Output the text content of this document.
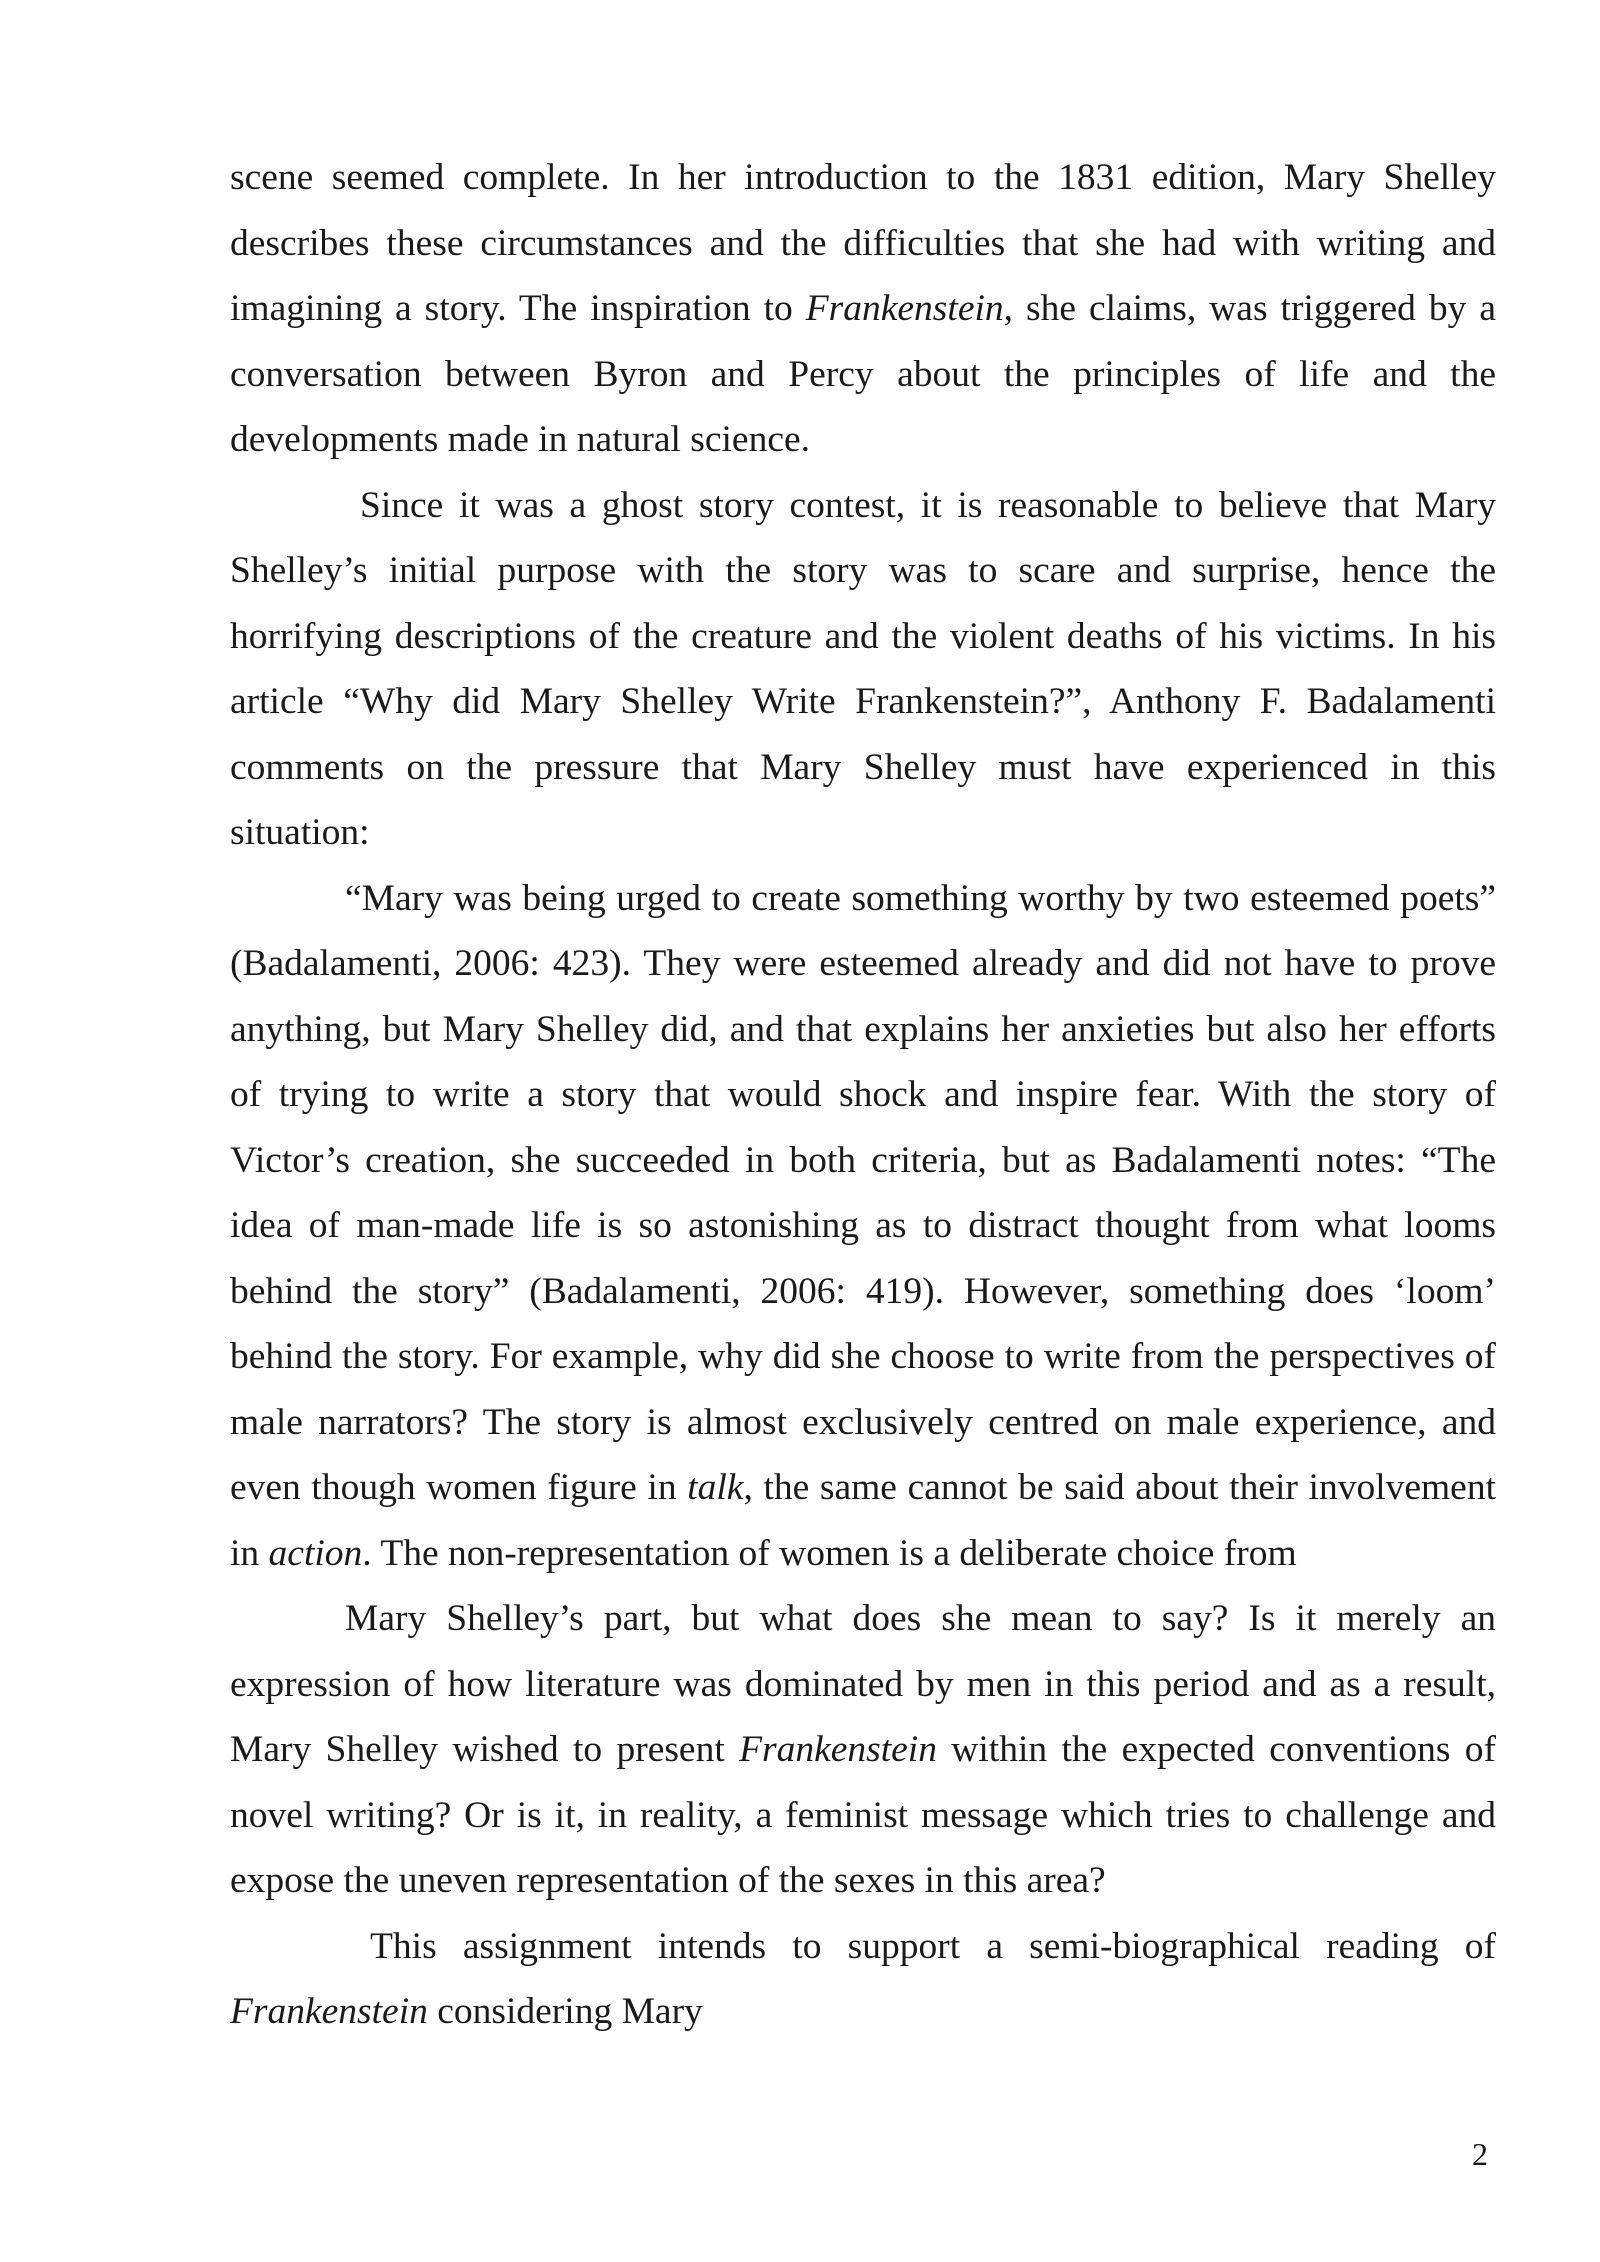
scene seemed complete. In her introduction to the 1831 edition, Mary Shelley describes these circumstances and the difficulties that she had with writing and imagining a story. The inspiration to Frankenstein, she claims, was triggered by a conversation between Byron and Percy about the principles of life and the developments made in natural science.

Since it was a ghost story contest, it is reasonable to believe that Mary Shelley’s initial purpose with the story was to scare and surprise, hence the horrifying descriptions of the creature and the violent deaths of his victims. In his article “Why did Mary Shelley Write Frankenstein?”, Anthony F. Badalamenti comments on the pressure that Mary Shelley must have experienced in this situation:

“Mary was being urged to create something worthy by two esteemed poets” (Badalamenti, 2006: 423). They were esteemed already and did not have to prove anything, but Mary Shelley did, and that explains her anxieties but also her efforts of trying to write a story that would shock and inspire fear. With the story of Victor’s creation, she succeeded in both criteria, but as Badalamenti notes: “The idea of man-made life is so astonishing as to distract thought from what looms behind the story” (Badalamenti, 2006: 419). However, something does ‘loom’ behind the story. For example, why did she choose to write from the perspectives of male narrators? The story is almost exclusively centred on male experience, and even though women figure in talk, the same cannot be said about their involvement in action. The non-representation of women is a deliberate choice from

Mary Shelley’s part, but what does she mean to say? Is it merely an expression of how literature was dominated by men in this period and as a result, Mary Shelley wished to present Frankenstein within the expected conventions of novel writing? Or is it, in reality, a feminist message which tries to challenge and expose the uneven representation of the sexes in this area?

This assignment intends to support a semi-biographical reading of Frankenstein considering Mary

2
